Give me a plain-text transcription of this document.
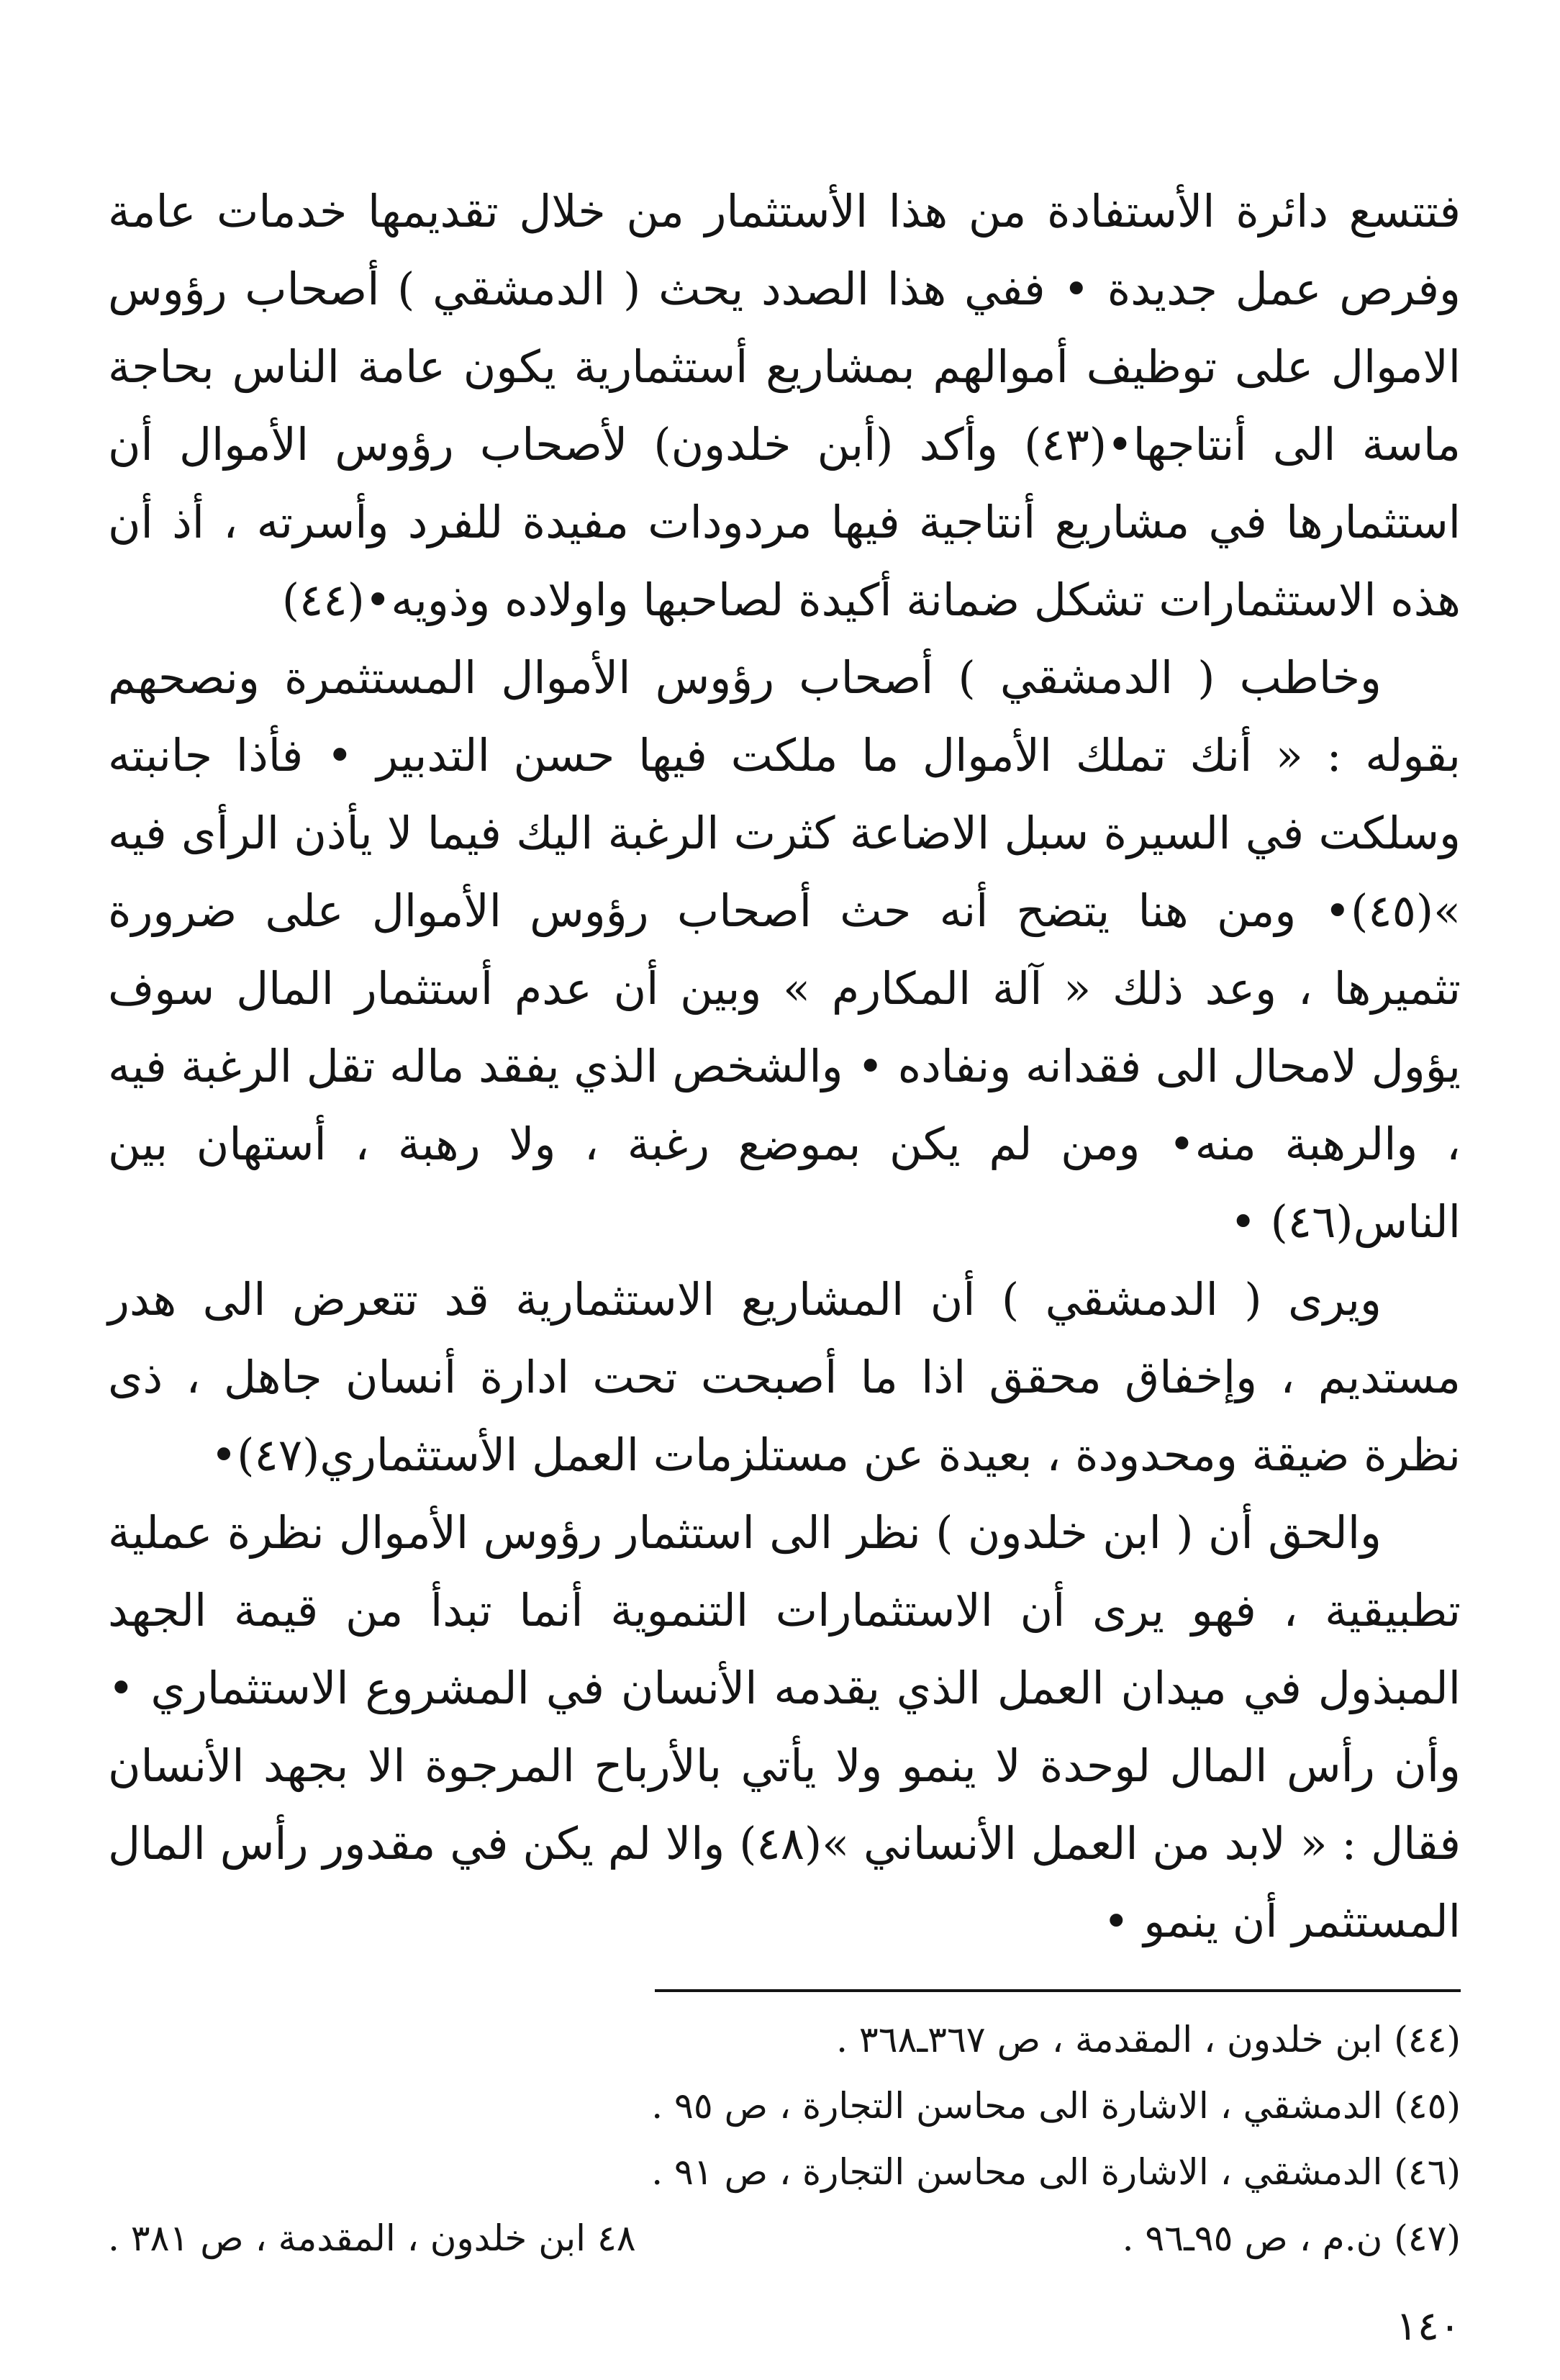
فتتسع دائرة الأستفادة من هذا الأستثمار من خلال تقديمها خدمات عامة وفرص عمل جديدة • ففي هذا الصدد يحث ( الدمشقي ) أصحاب رؤوس الاموال على توظيف أموالهم بمشاريع أستثمارية يكون عامة الناس بحاجة ماسة الى أنتاجها•(٤٣) وأكد (أبن خلدون) لأصحاب رؤوس الأموال أن استثمارها في مشاريع أنتاجية فيها مردودات مفيدة للفرد وأسرته ، أذ أن هذه الاستثمارات تشكل ضمانة أكيدة لصاحبها واولاده وذويه•(٤٤)

وخاطب ( الدمشقي ) أصحاب رؤوس الأموال المستثمرة ونصحهم بقوله : « أنك تملك الأموال ما ملكت فيها حسن التدبير • فأذا جانبته وسلكت في السيرة سبل الاضاعة كثرت الرغبة اليك فيما لا يأذن الرأى فيه »(٤٥)• ومن هنا يتضح أنه حث أصحاب رؤوس الأموال على ضرورة تثميرها ، وعد ذلك « آلة المكارم » وبين أن عدم أستثمار المال سوف يؤول لامحال الى فقدانه ونفاده • والشخص الذي يفقد ماله تقل الرغبة فيه ، والرهبة منه• ومن لم يكن بموضع رغبة ، ولا رهبة ، أستهان بين الناس(٤٦) •

ويرى ( الدمشقي ) أن المشاريع الاستثمارية قد تتعرض الى هدر مستديم ، وإخفاق محقق اذا ما أصبحت تحت ادارة أنسان جاهل ، ذى نظرة ضيقة ومحدودة ، بعيدة عن مستلزمات العمل الأستثماري(٤٧)•

والحق أن ( ابن خلدون ) نظر الى استثمار رؤوس الأموال نظرة عملية تطبيقية ، فهو يرى أن الاستثمارات التنموية أنما تبدأ من قيمة الجهد المبذول في ميدان العمل الذي يقدمه الأنسان في المشروع الاستثماري • وأن رأس المال لوحدة لا ينمو ولا يأتي بالأرباح المرجوة الا بجهد الأنسان فقال : « لابد من العمل الأنساني »(٤٨) والا لم يكن في مقدور رأس المال المستثمر أن ينمو •

(٤٤) ابن خلدون ، المقدمة ، ص ٣٦٧ـ٣٦٨ .

(٤٥) الدمشقي ، الاشارة الى محاسن التجارة ، ص ٩٥ .

(٤٦) الدمشقي ، الاشارة الى محاسن التجارة ، ص ٩١ .

(٤٧) ن.م ، ص ٩٥ـ٩٦ .
٤٨ ابن خلدون ، المقدمة ، ص ٣٨١ .
١٤٠
